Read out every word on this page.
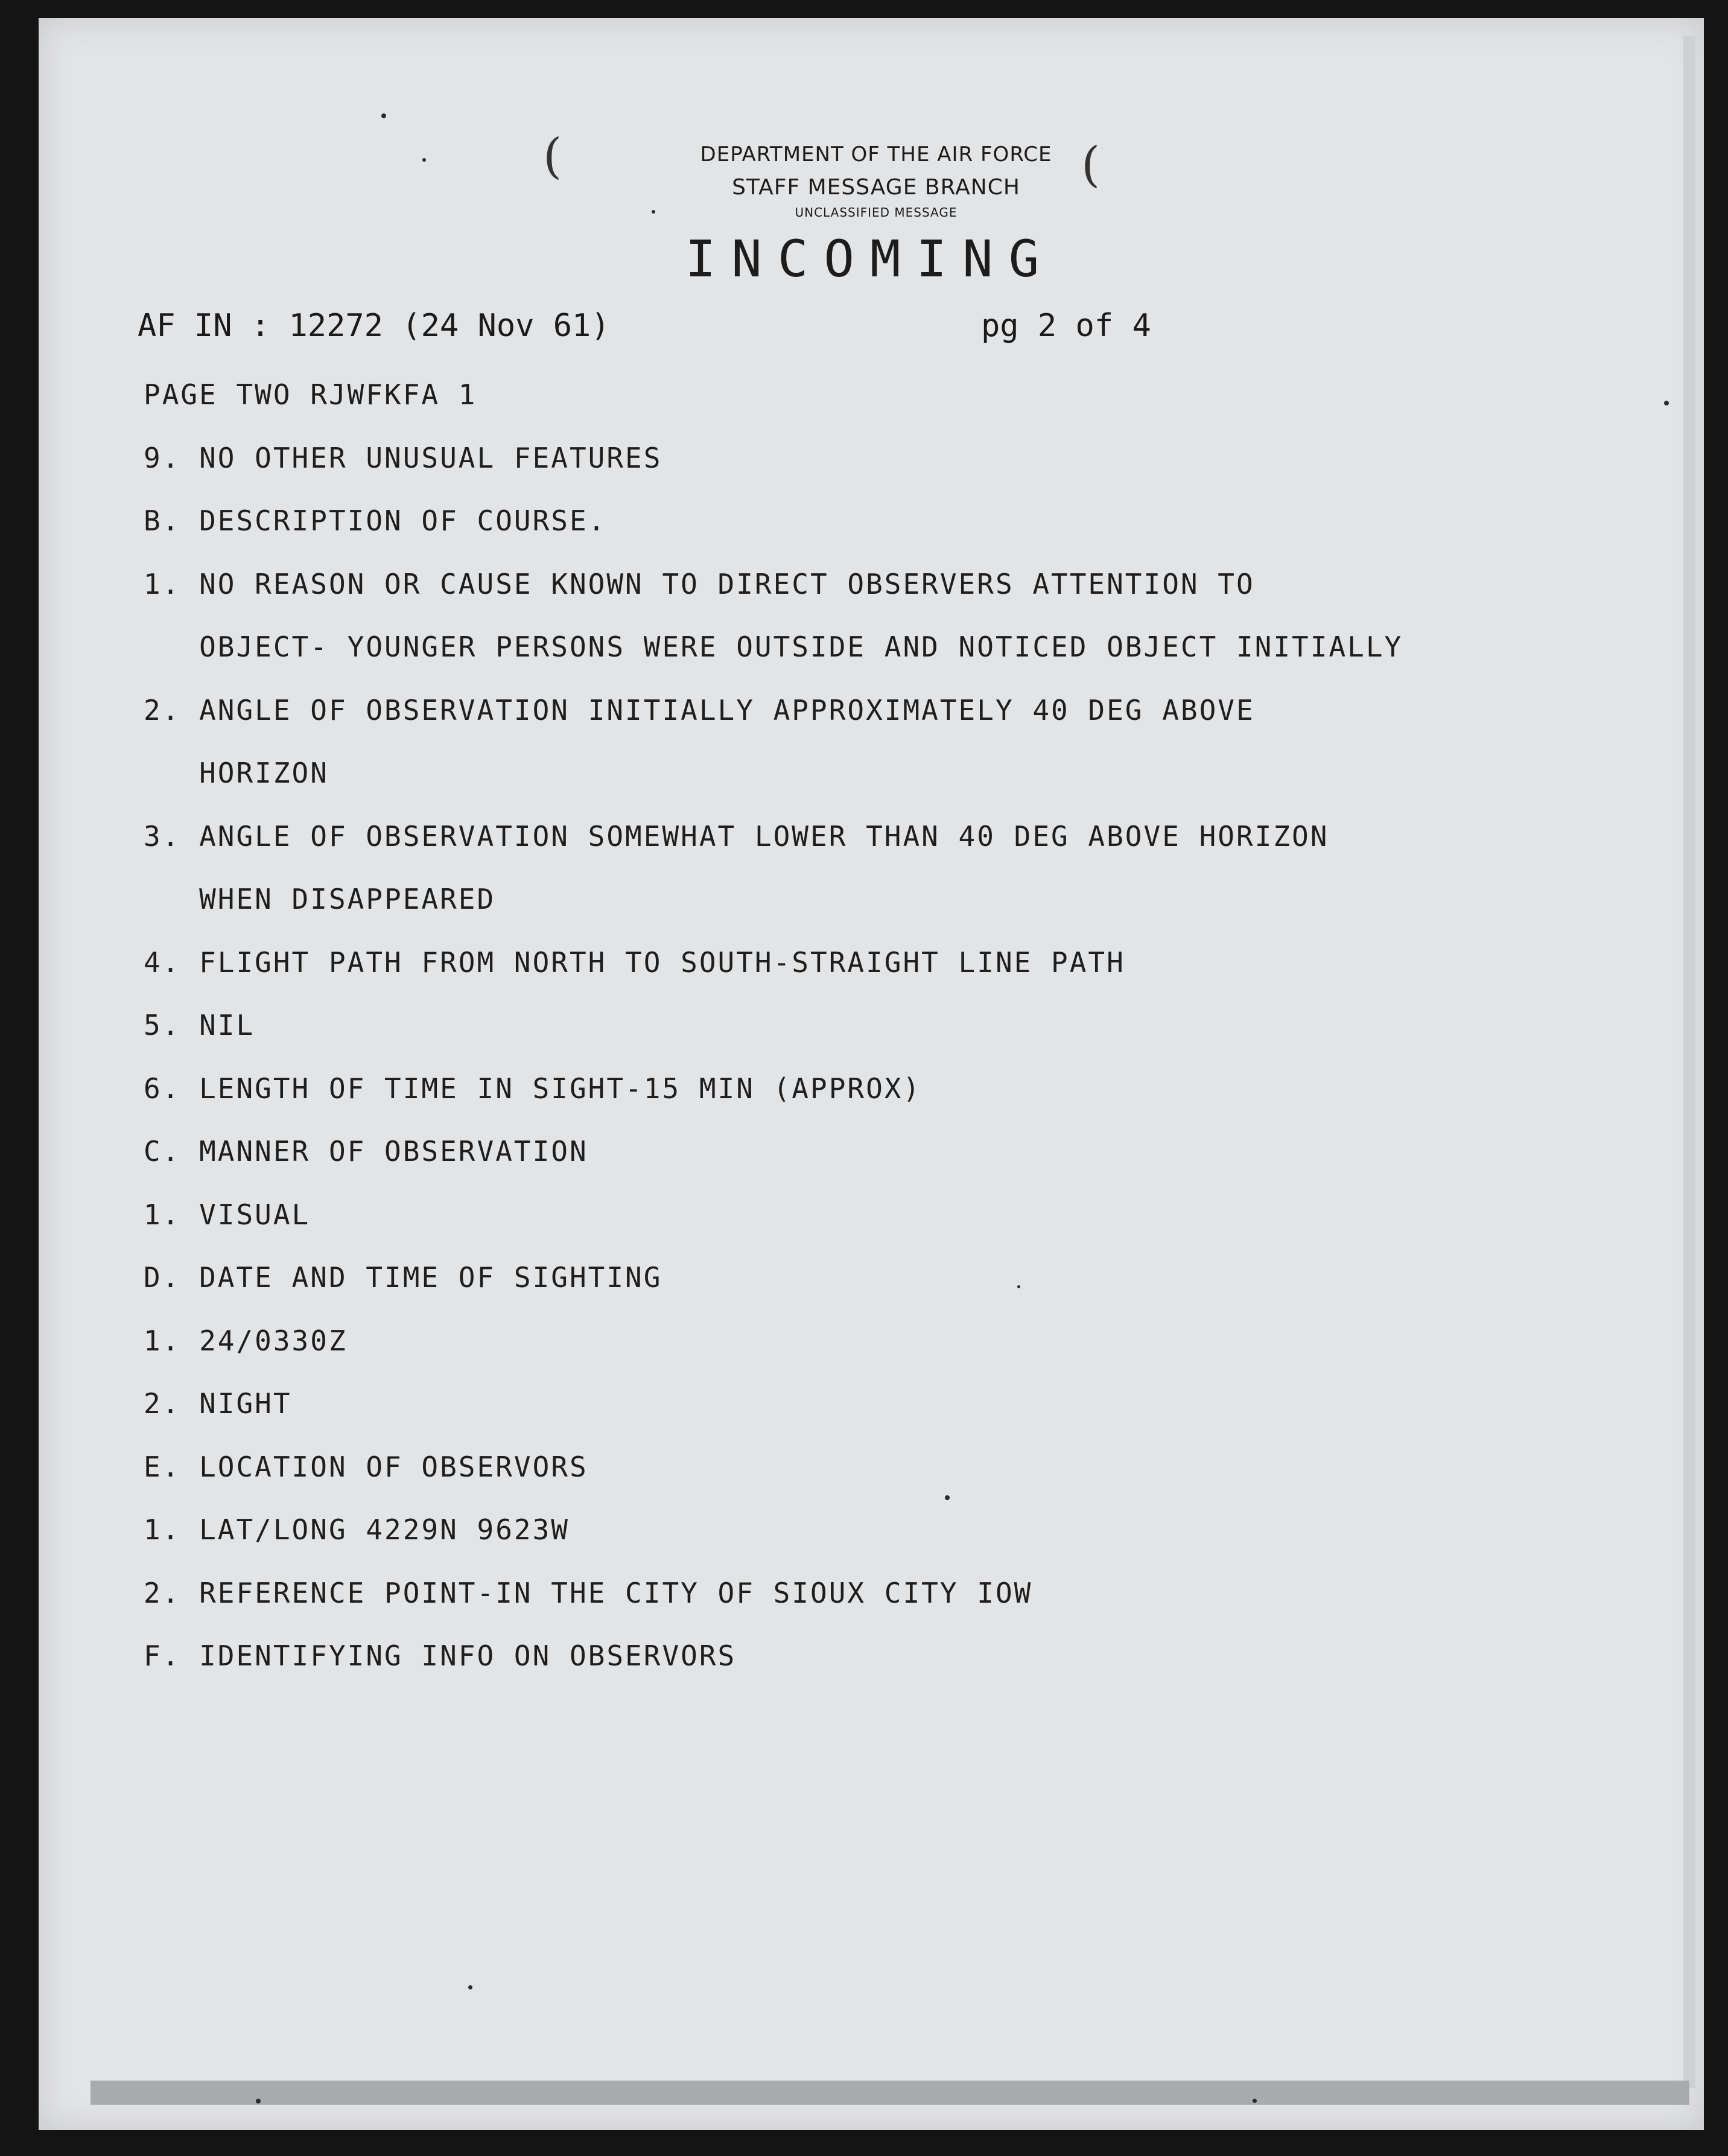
(	(
DEPARTMENT OF THE AIR FORCE
STAFF MESSAGE BRANCH
UNCLASSIFIED MESSAGE
INCOMING
AF IN : 12272 (24 Nov 61)	pg 2 of 4
PAGE TWO RJWFKFA 1
9. NO OTHER UNUSUAL FEATURES
B. DESCRIPTION OF COURSE.
1. NO REASON OR CAUSE KNOWN TO DIRECT OBSERVERS ATTENTION TO
OBJECT- YOUNGER PERSONS WERE OUTSIDE AND NOTICED OBJECT INITIALLY
2. ANGLE OF OBSERVATION INITIALLY APPROXIMATELY 40 DEG ABOVE
HORIZON
3. ANGLE OF OBSERVATION SOMEWHAT LOWER THAN 40 DEG ABOVE HORIZON
WHEN DISAPPEARED
4. FLIGHT PATH FROM NORTH TO SOUTH-STRAIGHT LINE PATH
5. NIL
6. LENGTH OF TIME IN SIGHT-15 MIN (APPROX)
C. MANNER OF OBSERVATION
1. VISUAL
D. DATE AND TIME OF SIGHTING
1. 24/0330Z
2. NIGHT
E. LOCATION OF OBSERVORS
1. LAT/LONG 4229N 9623W
2. REFERENCE POINT-IN THE CITY OF SIOUX CITY IOW
F. IDENTIFYING INFO ON OBSERVORS
